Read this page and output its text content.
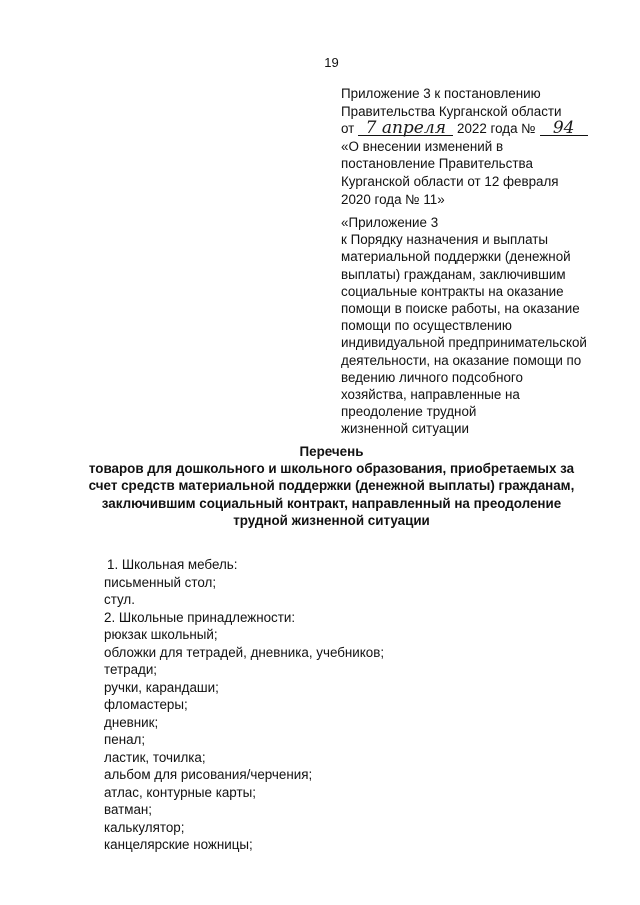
19
Приложение 3 к постановлению
Правительства Курганской области
от 7 апреля 2022 года № 94
«О внесении изменений в
постановление Правительства
Курганской области от 12 февраля
2020 года № 11»
«Приложение 3
к Порядку назначения и выплаты
материальной поддержки (денежной
выплаты) гражданам, заключившим
социальные контракты на оказание
помощи в поиске работы, на оказание
помощи по осуществлению
индивидуальной предпринимательской
деятельности, на оказание помощи по
ведению личного подсобного
хозяйства, направленные на
преодоление трудной
жизненной ситуации
Перечень
товаров для дошкольного и школьного образования, приобретаемых за
счет средств материальной поддержки (денежной выплаты) гражданам,
заключившим социальный контракт, направленный на преодоление
трудной жизненной ситуации
1. Школьная мебель:
письменный стол;
стул.
2. Школьные принадлежности:
рюкзак школьный;
обложки для тетрадей, дневника, учебников;
тетради;
ручки, карандаши;
фломастеры;
дневник;
пенал;
ластик, точилка;
альбом для рисования/черчения;
атлас, контурные карты;
ватман;
калькулятор;
канцелярские ножницы;
